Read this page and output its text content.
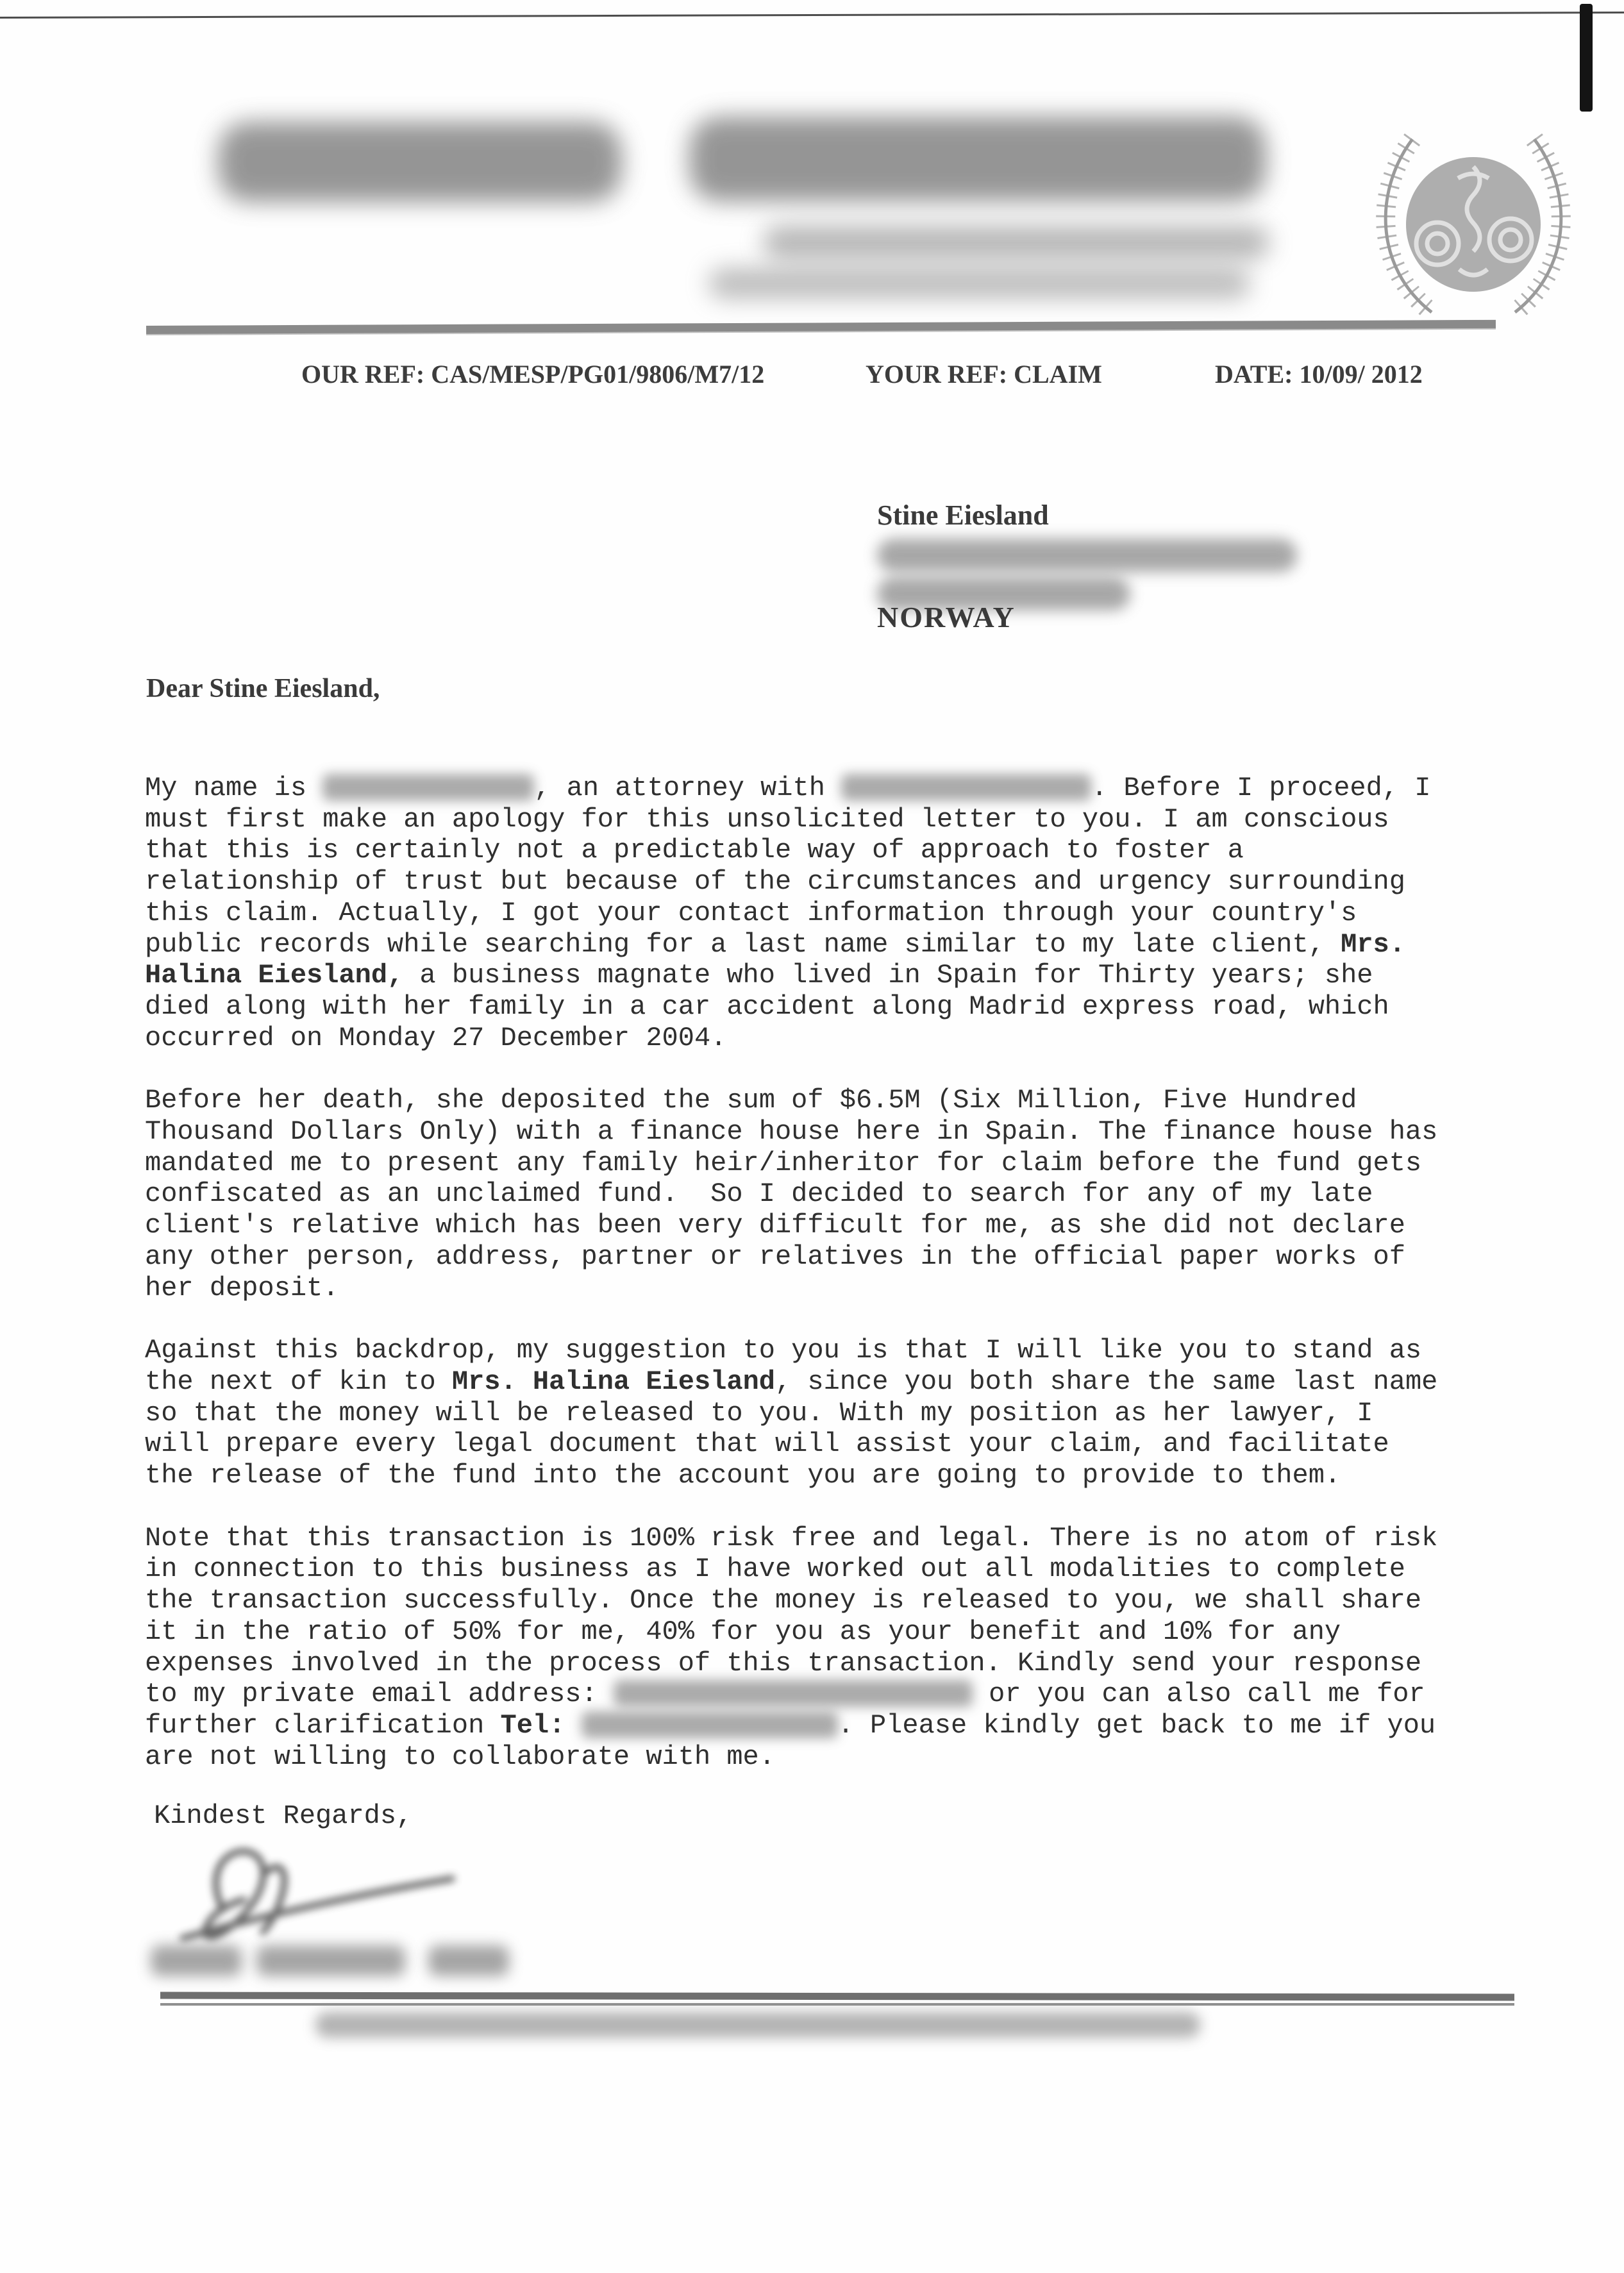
OUR REF: CAS/MESP/PG01/9806/M7/12	YOUR REF: CLAIM	DATE: 10/09/ 2012
Stine Eiesland
NORWAY
Dear Stine Eiesland,
My name is	, an attorney with	. Before I proceed, I
must first make an apology for this unsolicited letter to you. I am conscious
that this is certainly not a predictable way of approach to foster a
relationship of trust but because of the circumstances and urgency surrounding
this claim. Actually, I got your contact information through your country's
public records while searching for a last name similar to my late client, Mrs.
Halina Eiesland, a business magnate who lived in Spain for Thirty years; she
died along with her family in a car accident along Madrid express road, which
occurred on Monday 27 December 2004.
Before her death, she deposited the sum of $6.5M (Six Million, Five Hundred
Thousand Dollars Only) with a finance house here in Spain. The finance house has
mandated me to present any family heir/inheritor for claim before the fund gets
confiscated as an unclaimed fund.  So I decided to search for any of my late
client's relative which has been very difficult for me, as she did not declare
any other person, address, partner or relatives in the official paper works of
her deposit.
Against this backdrop, my suggestion to you is that I will like you to stand as
the next of kin to Mrs. Halina Eiesland, since you both share the same last name
so that the money will be released to you. With my position as her lawyer, I
will prepare every legal document that will assist your claim, and facilitate
the release of the fund into the account you are going to provide to them.
Note that this transaction is 100% risk free and legal. There is no atom of risk
in connection to this business as I have worked out all modalities to complete
the transaction successfully. Once the money is released to you, we shall share
it in the ratio of 50% for me, 40% for you as your benefit and 10% for any
expenses involved in the process of this transaction. Kindly send your response
to my private email address:	or you can also call me for
further clarification Tel:	. Please kindly get back to me if you
are not willing to collaborate with me.
Kindest Regards,
